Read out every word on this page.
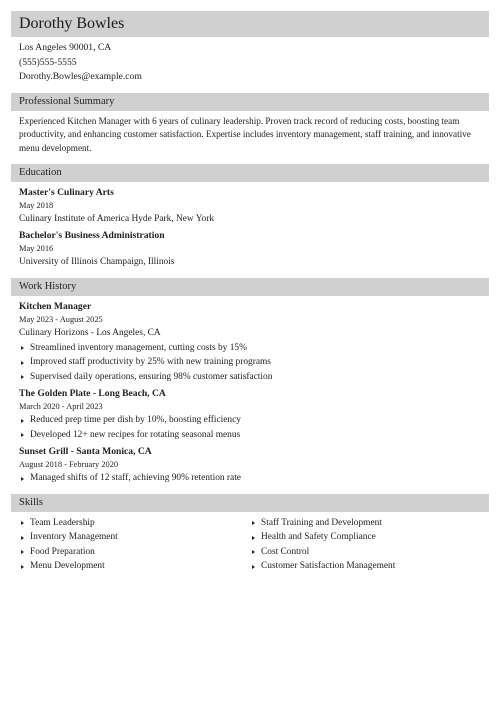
Dorothy Bowles
Los Angeles 90001, CA
(555)555-5555
Dorothy.Bowles@example.com
Professional Summary
Experienced Kitchen Manager with 6 years of culinary leadership. Proven track record of reducing costs, boosting team productivity, and enhancing customer satisfaction. Expertise includes inventory management, staff training, and innovative menu development.
Education
Master's Culinary Arts
May 2018
Culinary Institute of America Hyde Park, New York
Bachelor's Business Administration
May 2016
University of Illinois Champaign, Illinois
Work History
Kitchen Manager
May 2023 - August 2025
Culinary Horizons - Los Angeles, CA
Streamlined inventory management, cutting costs by 15%
Improved staff productivity by 25% with new training programs
Supervised daily operations, ensuring 98% customer satisfaction
The Golden Plate - Long Beach, CA
March 2020 - April 2023
Reduced prep time per dish by 10%, boosting efficiency
Developed 12+ new recipes for rotating seasonal menus
Sunset Grill - Santa Monica, CA
August 2018 - February 2020
Managed shifts of 12 staff, achieving 90% retention rate
Skills
Team Leadership
Inventory Management
Food Preparation
Menu Development
Staff Training and Development
Health and Safety Compliance
Cost Control
Customer Satisfaction Management
